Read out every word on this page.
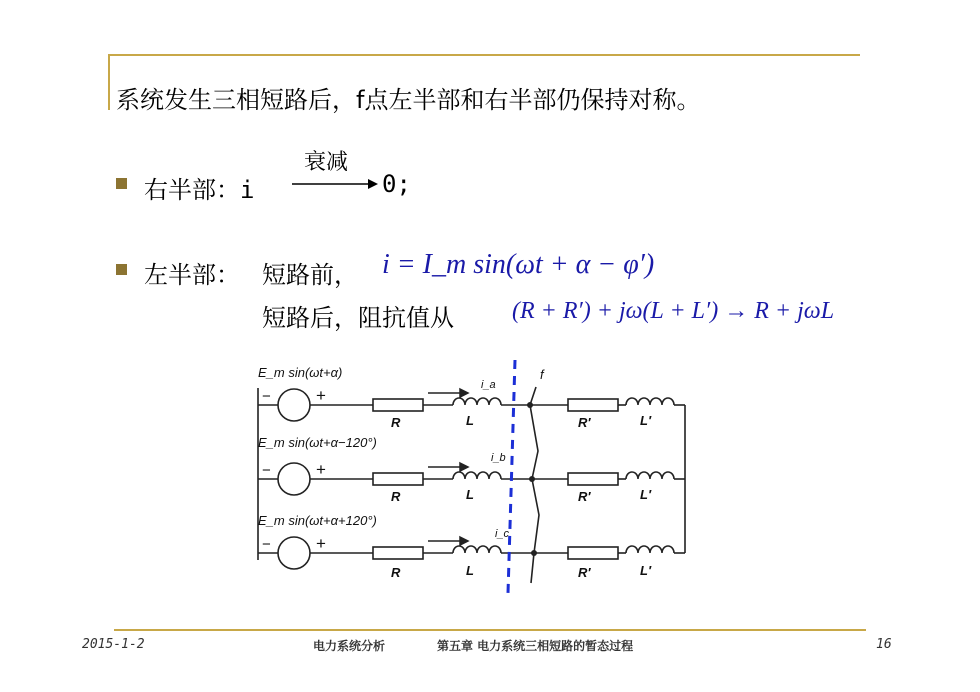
系统发生三相短路后，f点左半部和右半部仍保持对称。
右半部：i
衰减
0;
左半部： 短路前， i = I_m sin(ωt + α − φ′)
短路后，阻抗值从 (R + R′) + jω(L + L′) → R + jωL
E_m sin(ωt+α)
E_m sin(ωt+α−120°)
E_m sin(ωt+α+120°)
−	+
−	+
−	+
i_a
i_b
i_c
f
R	L	R′	L′
R	L	R′	L′
R	L	R′	L′
2015-1-2	电力系统分析	第五章 电力系统三相短路的暂态过程	16
